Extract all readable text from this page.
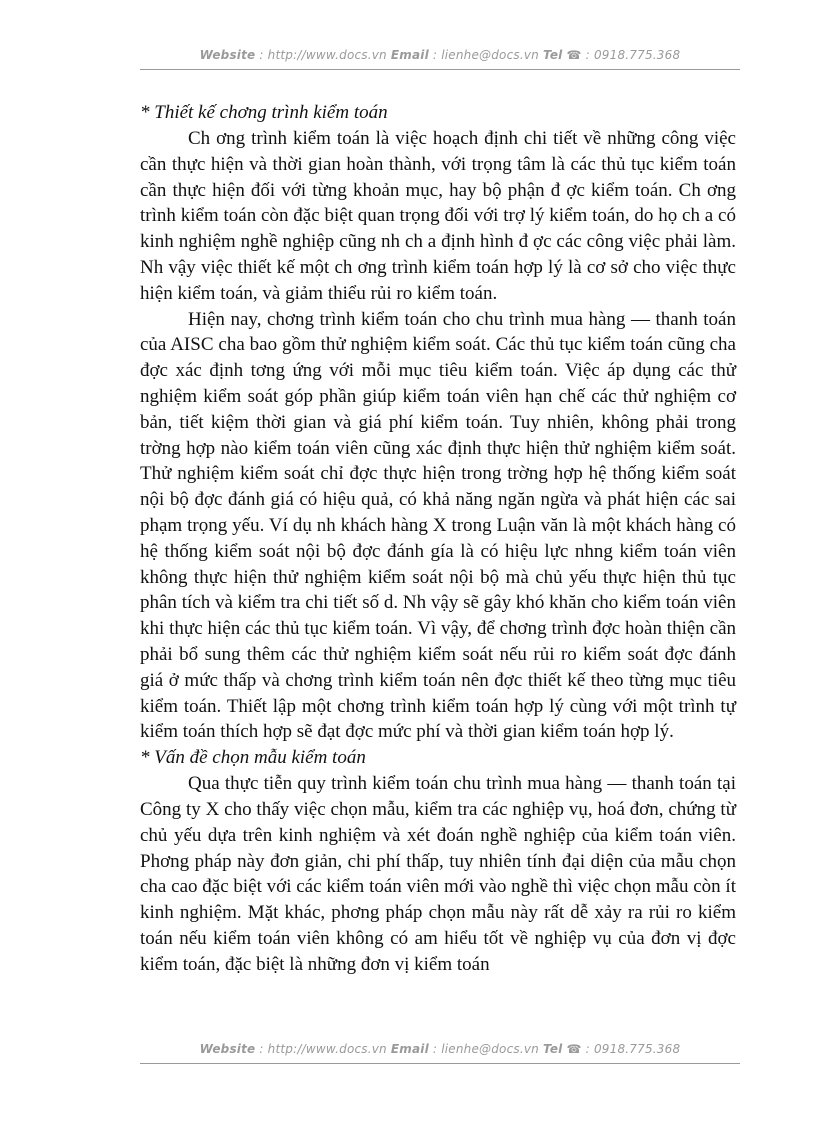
Website : http://www.docs.vn Email : lienhe@docs.vn Tel ☎ : 0918.775.368

* Thiết kế chơng trình kiểm toán

Ch ơng trình kiểm toán là việc hoạch định chi tiết về những công việc cần thực hiện và thời gian hoàn thành, với trọng tâm là các thủ tục kiểm toán cần thực hiện đối với từng khoản mục, hay bộ phận đ ợc kiểm toán. Ch ơng trình kiểm toán còn đặc biệt quan trọng đối với trợ lý kiểm toán, do họ ch a có kinh nghiệm nghề nghiệp cũng nh ch a định hình đ ợc các công việc phải làm. Nh vậy việc thiết kế một ch ơng trình kiểm toán hợp lý là cơ sở cho việc thực hiện kiểm toán, và giảm thiểu rủi ro kiểm toán.

Hiện nay, chơng trình kiểm toán cho chu trình mua hàng — thanh toán của AISC cha bao gồm thử nghiệm kiểm soát. Các thủ tục kiểm toán cũng cha đợc xác định tơng ứng với mỗi mục tiêu kiểm toán. Việc áp dụng các thử nghiệm kiểm soát góp phần giúp kiểm toán viên hạn chế các thử nghiệm cơ bản, tiết kiệm thời gian và giá phí kiểm toán. Tuy nhiên, không phải trong trờng hợp nào kiểm toán viên cũng xác định thực hiện thử nghiệm kiểm soát. Thử nghiệm kiểm soát chỉ đợc thực hiện trong trờng hợp hệ thống kiểm soát nội bộ đợc đánh giá có hiệu quả, có khả năng ngăn ngừa và phát hiện các sai phạm trọng yếu. Ví dụ nh khách hàng X trong Luận văn là một khách hàng có hệ thống kiểm soát nội bộ đợc đánh gía là có hiệu lực nhng kiểm toán viên không thực hiện thử nghiệm kiểm soát nội bộ mà chủ yếu thực hiện thủ tục phân tích và kiểm tra chi tiết số d. Nh vậy sẽ gây khó khăn cho kiểm toán viên khi thực hiện các thủ tục kiểm toán. Vì vậy, để chơng trình đợc hoàn thiện cần phải bổ sung thêm các thử nghiệm kiểm soát nếu rủi ro kiểm soát đợc đánh giá ở mức thấp và chơng trình kiểm toán nên đợc thiết kế theo từng mục tiêu kiểm toán. Thiết lập một chơng trình kiểm toán hợp lý cùng với một trình tự kiểm toán thích hợp sẽ đạt đợc mức phí và thời gian kiểm toán hợp lý.

* Vấn đề chọn mẫu kiểm toán

Qua thực tiễn quy trình kiểm toán chu trình mua hàng — thanh toán tại Công ty X cho thấy việc chọn mẫu, kiểm tra các nghiệp vụ, hoá đơn, chứng từ chủ yếu dựa trên kinh nghiệm và xét đoán nghề nghiệp của kiểm toán viên. Phơng pháp này đơn giản, chi phí thấp, tuy nhiên tính đại diện của mẫu chọn cha cao đặc biệt với các kiểm toán viên mới vào nghề thì việc chọn mẫu còn ít kinh nghiệm. Mặt khác, phơng pháp chọn mẫu này rất dễ xảy ra rủi ro kiểm toán nếu kiểm toán viên không có am hiểu tốt về nghiệp vụ của đơn vị đợc kiểm toán, đặc biệt là những đơn vị kiểm toán

Website : http://www.docs.vn Email : lienhe@docs.vn Tel ☎ : 0918.775.368
